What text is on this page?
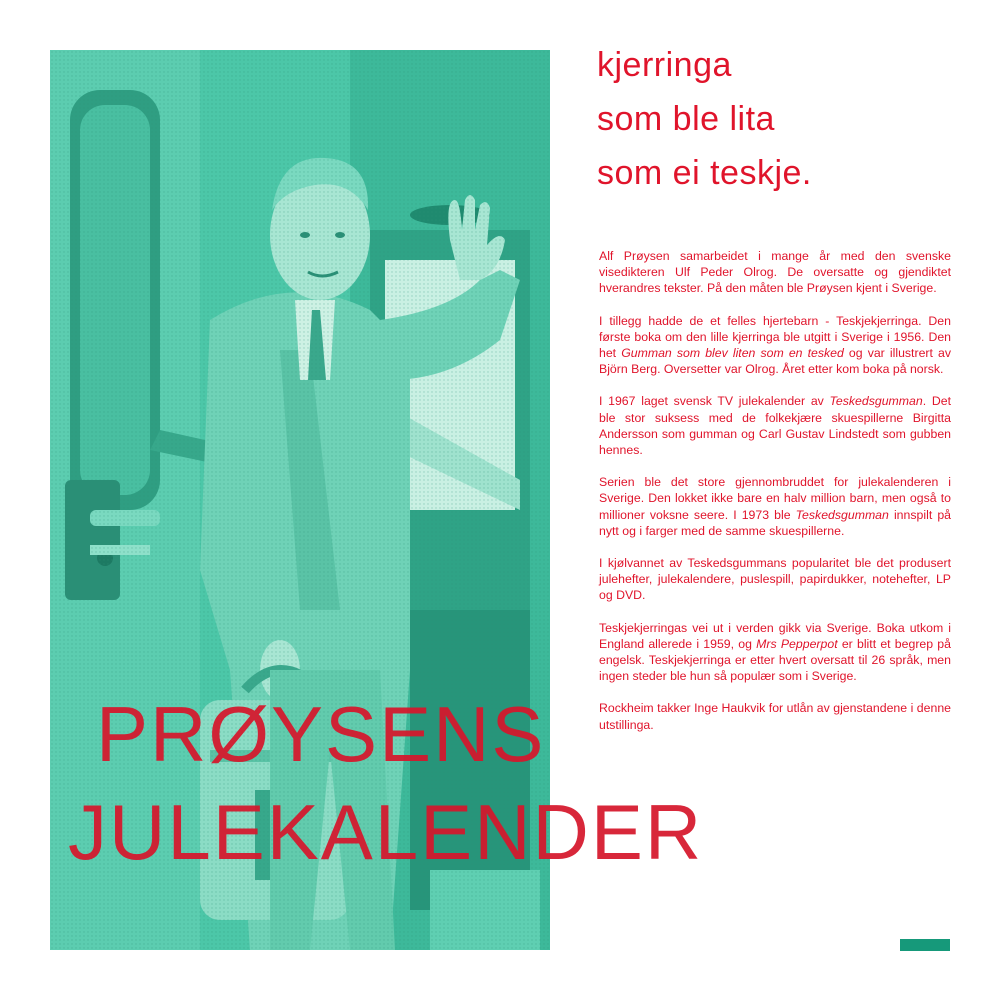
kjerringa
som ble lita
som ei teskje.

Alf Prøysen samarbeidet i mange år med den svenske visedikteren Ulf Peder Olrog. De oversatte og gjendiktet hverandres tekster. På den måten ble Prøysen kjent i Sverige.

I tillegg hadde de et felles hjertebarn - Teskjekjerringa. Den første boka om den lille kjerringa ble utgitt i Sverige i 1956. Den het Gumman som blev liten som en tesked og var illustrert av Björn Berg. Oversetter var Olrog. Året etter kom boka på norsk.

I 1967 laget svensk TV julekalender av Teskedsgumman. Det ble stor suksess med de folkekjære skuespillerne Birgitta Andersson som gumman og Carl Gustav Lindstedt som gubben hennes.

Serien ble det store gjennombruddet for julekalenderen i Sverige. Den lokket ikke bare en halv million barn, men også to millioner voksne seere. I 1973 ble Teskedsgumman innspilt på nytt og i farger med de samme skuespillerne.

I kjølvannet av Teskedsgummans popularitet ble det produsert julehefter, julekalendere, puslespill, papirdukker, notehefter, LP og DVD.

Teskjekjerringas vei ut i verden gikk via Sverige. Boka utkom i England allerede i 1959, og Mrs Pepperpot er blitt et begrep på engelsk. Teskjekjerringa er etter hvert oversatt til 26 språk, men ingen steder ble hun så populær som i Sverige.

Rockheim takker Inge Haukvik for utlån av gjenstandene i denne utstillinga.

PRØYSENS
JULEKALENDER
